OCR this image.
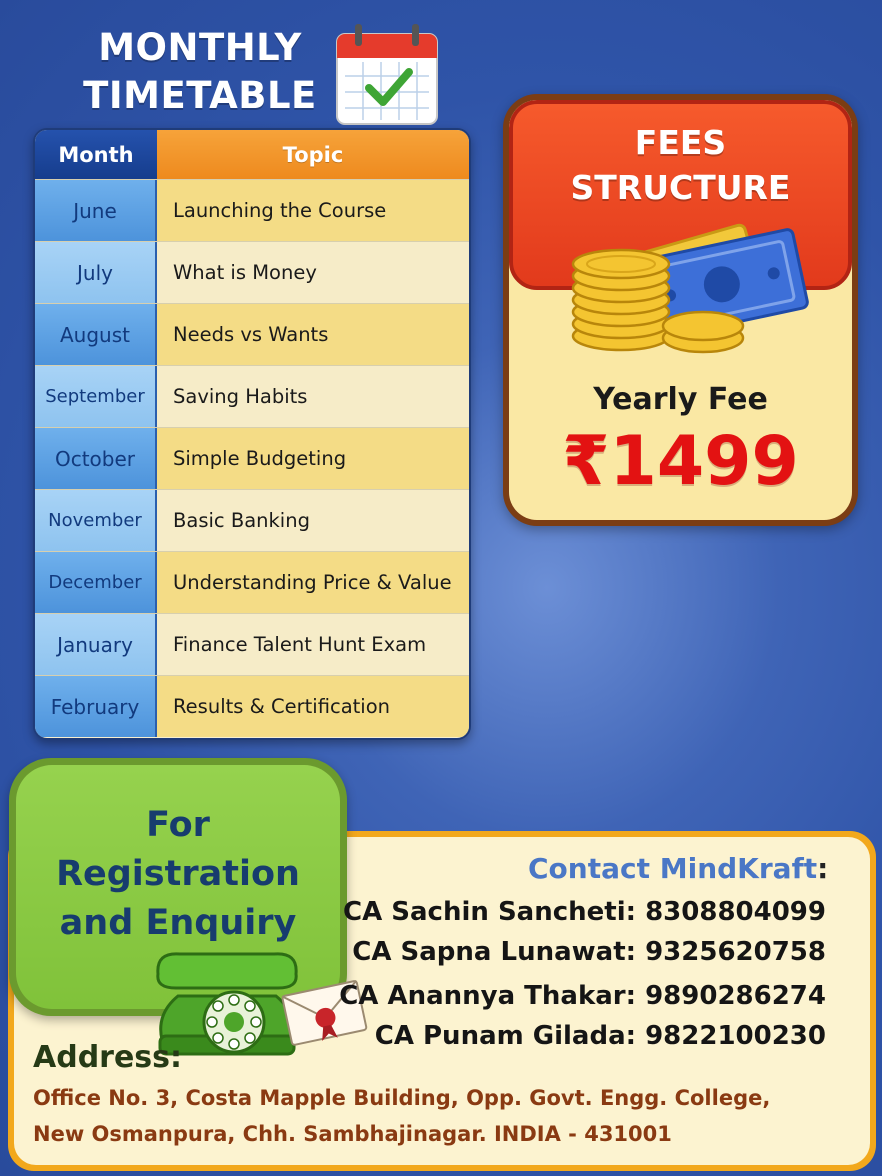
MONTHLY
TIMETABLE
Month	Topic
June	Launching the Course
July	What is Money
August	Needs vs Wants
September	Saving Habits
October	Simple Budgeting
November	Basic Banking
December	Understanding Price & Value
January	Finance Talent Hunt Exam
February	Results & Certification
FEES
STRUCTURE
Yearly Fee
₹1499
For
Registration
and Enquiry
Contact MindKraft:
CA Sachin Sancheti: 8308804099
CA Sapna Lunawat: 9325620758
CA Anannya Thakar: 9890286274
CA Punam Gilada: 9822100230
Address:
Office No. 3, Costa Mapple Building, Opp. Govt. Engg. College,
New Osmanpura, Chh. Sambhajinagar. INDIA - 431001
